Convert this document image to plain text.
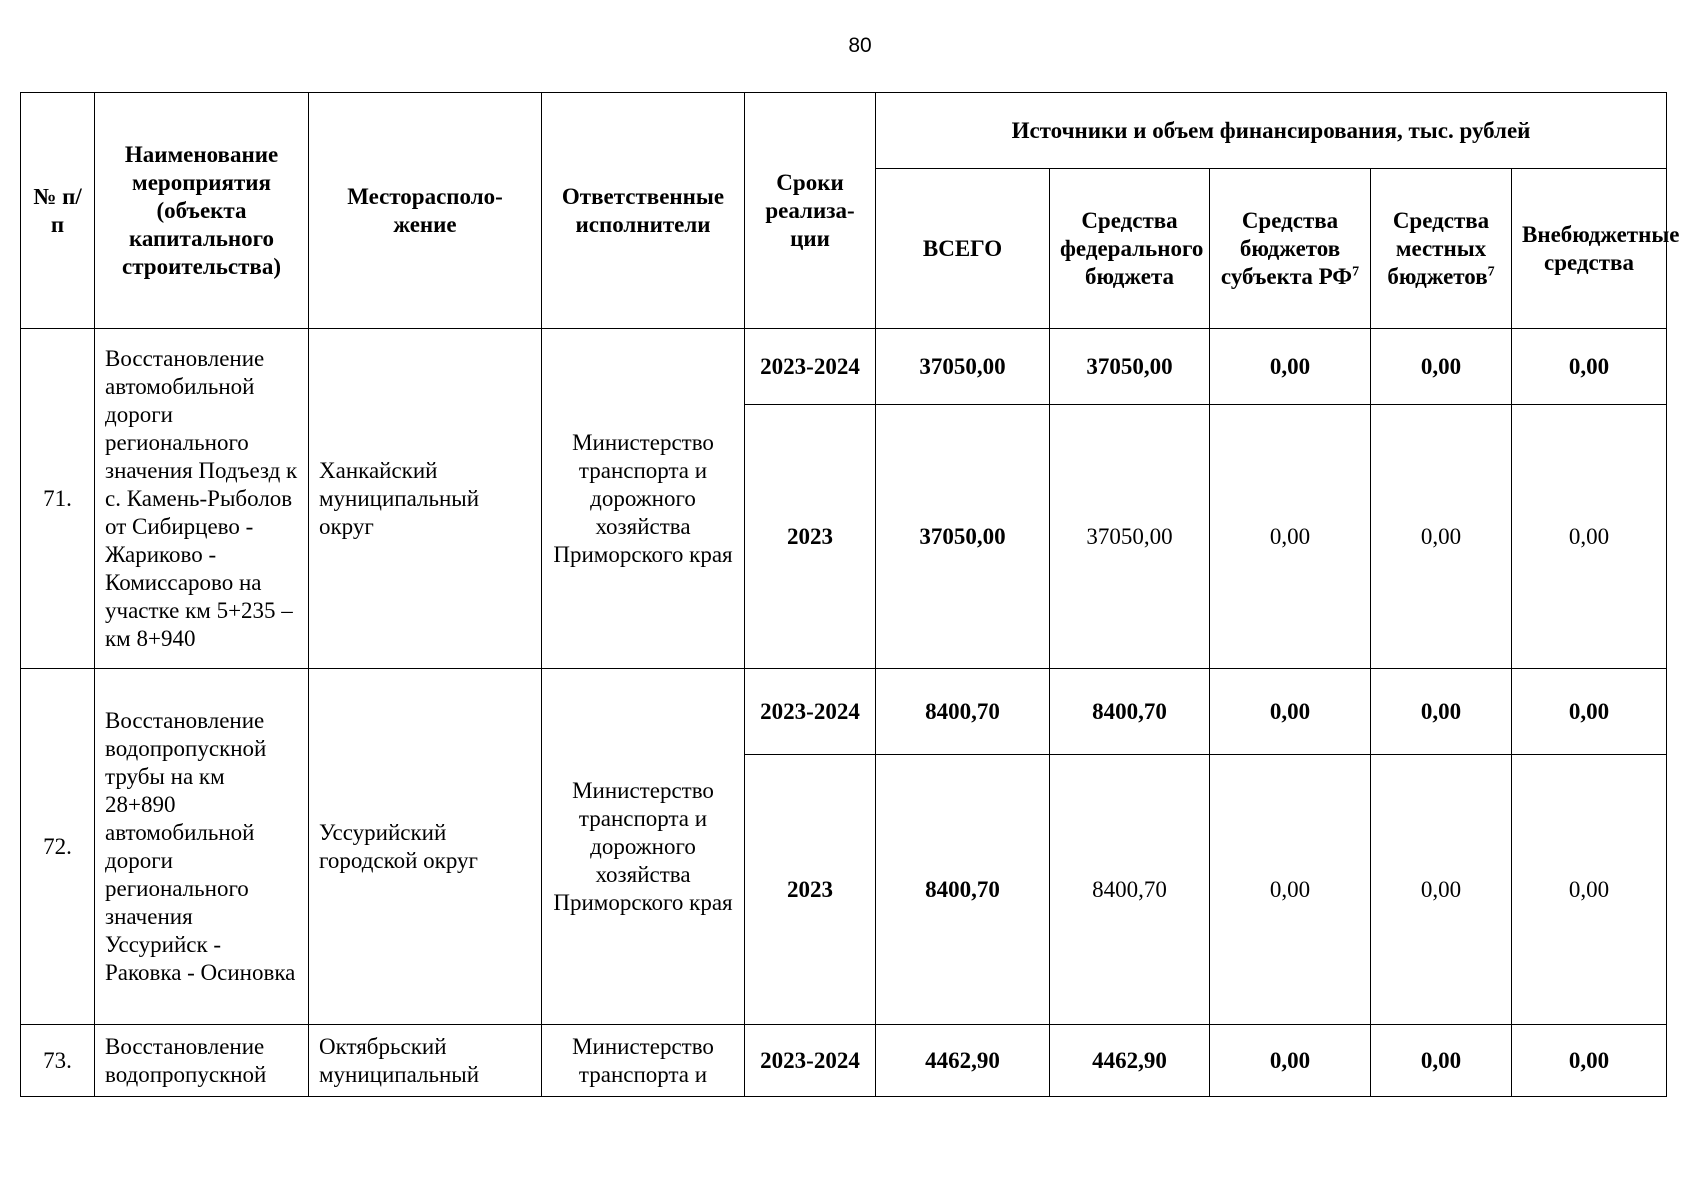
80
№ п/п	Наименование мероприятия (объекта капитального строительства)	Месторасполо-жение	Ответственные исполнители	Сроки реализа-ции	Источники и объем финансирования, тыс. рублей				
					ВСЕГО	Средства федерального бюджета	Средства бюджетов субъекта $РФ^7$	Средства местных бюджетов$^7$	Внебюджетные средства
71.	Восстановление автомобильной дороги регионального значения Подъезд к с. Камень-Рыболов от Сибирцево - Жариково - Комиссарово на участке км 5+235 – км 8+940	Ханкайский муниципальный округ	Министерство транспорта и дорожного хозяйства Приморского края	2023-2024	37050,00	37050,00	0,00	0,00	0,00
				2023	37050,00	37050,00	0,00	0,00	0,00
72.	Восстановление водопропускной трубы на км 28+890 автомобильной дороги регионального значения Уссурийск - Раковка - Осиновка	Уссурийский городской округ	Министерство транспорта и дорожного хозяйства Приморского края	2023-2024	8400,70	8400,70	0,00	0,00	0,00
				2023	8400,70	8400,70	0,00	0,00	0,00
73.	Восстановление водопропускной	Октябрьский муниципальный	Министерство транспорта и	2023-2024	4462,90	4462,90	0,00	0,00	0,00
